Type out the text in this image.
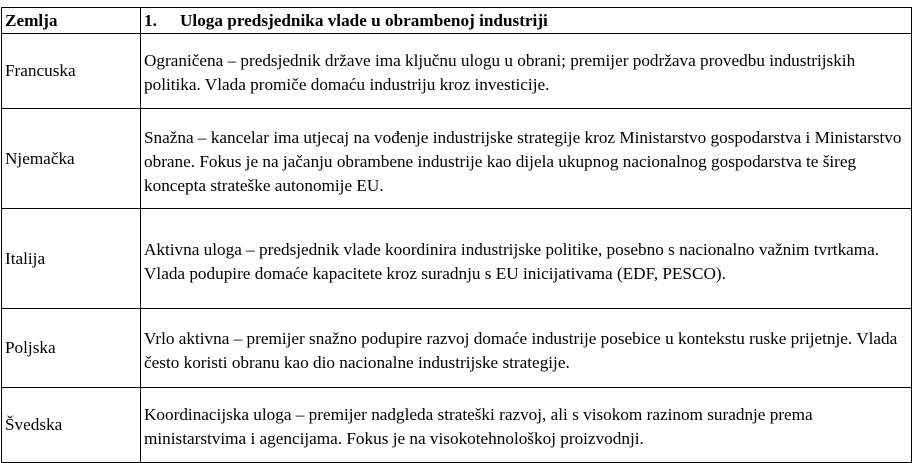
Zemlja	1. Uloga predsjednika vlade u obrambenoj industriji
Francuska	Ograničena – predsjednik države ima ključnu ulogu u obrani; premijer podržava provedbu industrijskih politika. Vlada promiče domaću industriju kroz investicije.
Njemačka	Snažna – kancelar ima utjecaj na vođenje industrijske strategije kroz Ministarstvo gospodarstva i Ministarstvo obrane. Fokus je na jačanju obrambene industrije kao dijela ukupnog nacionalnog gospodarstva te šireg koncepta strateške autonomije EU.
Italija	Aktivna uloga – predsjednik vlade koordinira industrijske politike, posebno s nacionalno važnim tvrtkama. Vlada podupire domaće kapacitete kroz suradnju s EU inicijativama (EDF, PESCO).
Poljska	Vrlo aktivna – premijer snažno podupire razvoj domaće industrije posebice u kontekstu ruske prijetnje. Vlada često koristi obranu kao dio nacionalne industrijske strategije.
Švedska	Koordinacijska uloga – premijer nadgleda strateški razvoj, ali s visokom razinom suradnje prema ministarstvima i agencijama. Fokus je na visokotehnološkoj proizvodnji.
